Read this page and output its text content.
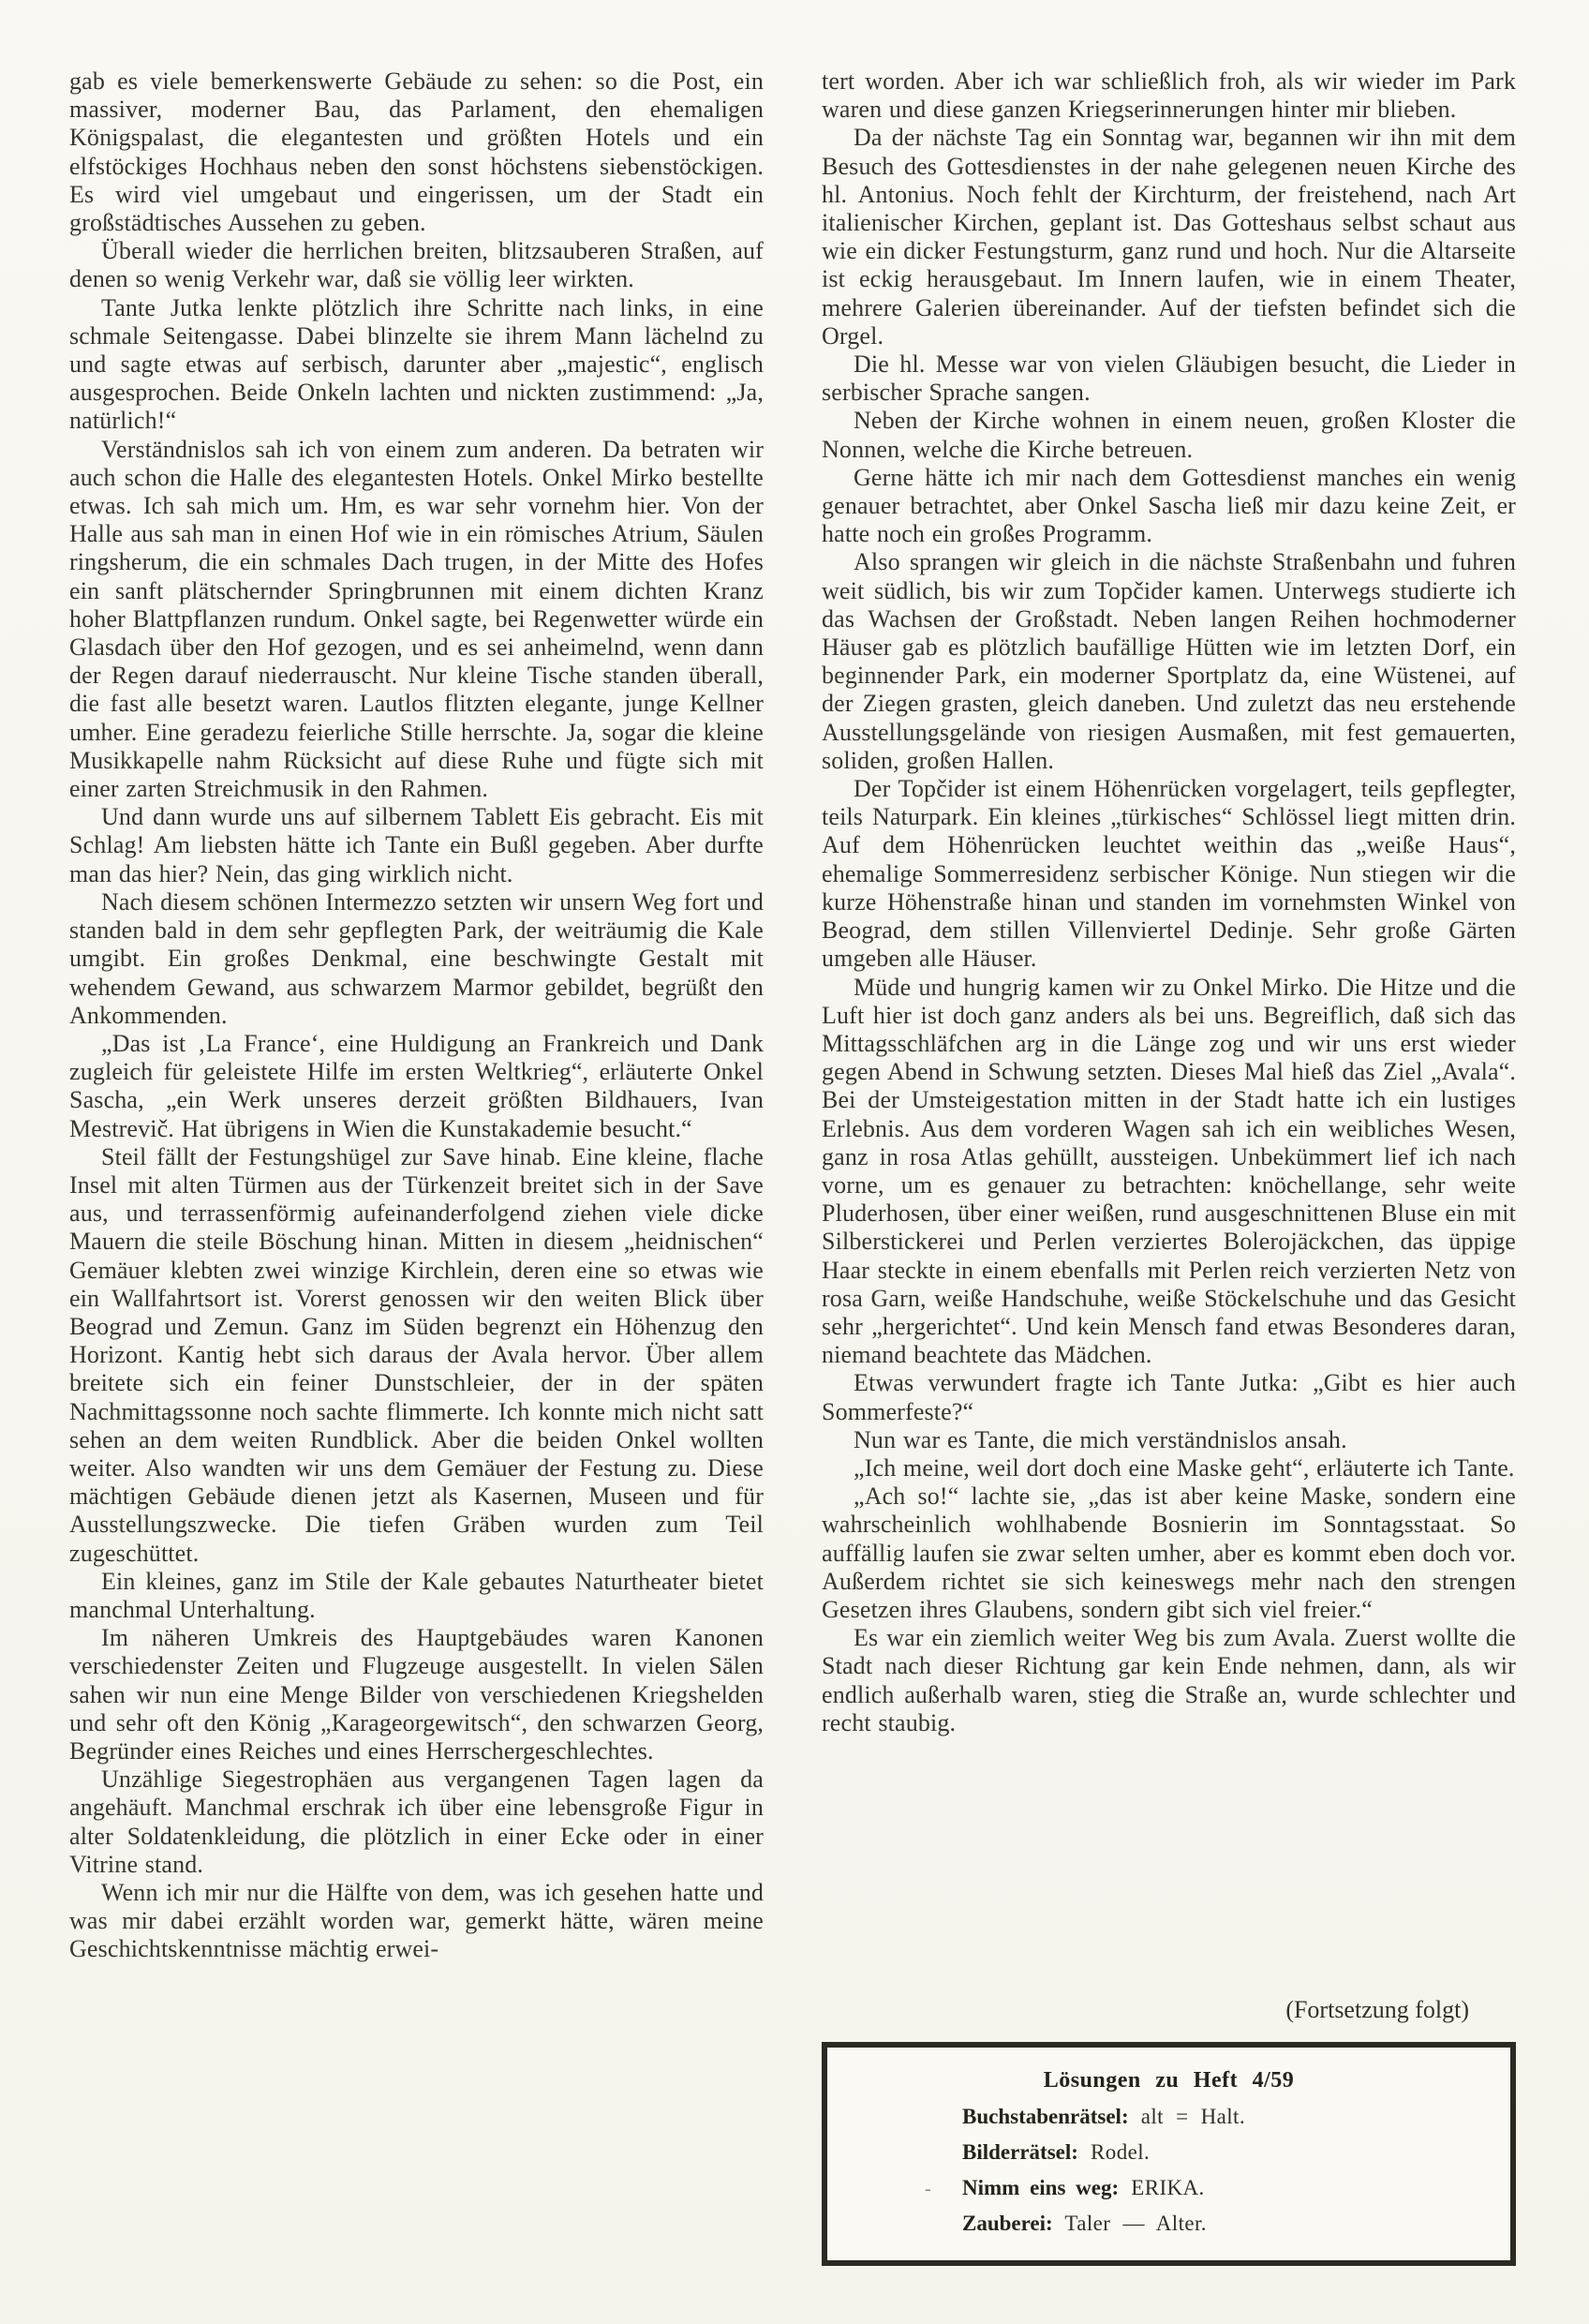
gab es viele bemerkenswerte Gebäude zu sehen: so die Post, ein massiver, moderner Bau, das Parlament, den ehemaligen Königspalast, die elegantesten und größten Hotels und ein elfstöckiges Hochhaus neben den sonst höchstens siebenstöckigen. Es wird viel umgebaut und eingerissen, um der Stadt ein großstädtisches Aussehen zu geben.

Überall wieder die herrlichen breiten, blitzsauberen Straßen, auf denen so wenig Verkehr war, daß sie völlig leer wirkten.

Tante Jutka lenkte plötzlich ihre Schritte nach links, in eine schmale Seitengasse. Dabei blinzelte sie ihrem Mann lächelnd zu und sagte etwas auf serbisch, darunter aber „majestic“, englisch ausgesprochen. Beide Onkeln lachten und nickten zustimmend: „Ja, natürlich!“

Verständnislos sah ich von einem zum anderen. Da betraten wir auch schon die Halle des elegantesten Hotels. Onkel Mirko bestellte etwas. Ich sah mich um. Hm, es war sehr vornehm hier. Von der Halle aus sah man in einen Hof wie in ein römisches Atrium, Säulen ringsherum, die ein schmales Dach trugen, in der Mitte des Hofes ein sanft plätschernder Springbrunnen mit einem dichten Kranz hoher Blattpflanzen rundum. Onkel sagte, bei Regenwetter würde ein Glasdach über den Hof gezogen, und es sei anheimelnd, wenn dann der Regen darauf niederrauscht. Nur kleine Tische standen überall, die fast alle besetzt waren. Lautlos flitzten elegante, junge Kellner umher. Eine geradezu feierliche Stille herrschte. Ja, sogar die kleine Musikkapelle nahm Rücksicht auf diese Ruhe und fügte sich mit einer zarten Streichmusik in den Rahmen.

Und dann wurde uns auf silbernem Tablett Eis gebracht. Eis mit Schlag! Am liebsten hätte ich Tante ein Bußl gegeben. Aber durfte man das hier? Nein, das ging wirklich nicht.

Nach diesem schönen Intermezzo setzten wir unsern Weg fort und standen bald in dem sehr gepflegten Park, der weiträumig die Kale umgibt. Ein großes Denkmal, eine beschwingte Gestalt mit wehendem Gewand, aus schwarzem Marmor gebildet, begrüßt den Ankommenden.

„Das ist ‚La France‘, eine Huldigung an Frankreich und Dank zugleich für geleistete Hilfe im ersten Weltkrieg“, erläuterte Onkel Sascha, „ein Werk unseres derzeit größten Bildhauers, Ivan Mestrevič. Hat übrigens in Wien die Kunstakademie besucht.“

Steil fällt der Festungshügel zur Save hinab. Eine kleine, flache Insel mit alten Türmen aus der Türkenzeit breitet sich in der Save aus, und terrassenförmig aufeinanderfolgend ziehen viele dicke Mauern die steile Böschung hinan. Mitten in diesem „heidnischen“ Gemäuer klebten zwei winzige Kirchlein, deren eine so etwas wie ein Wallfahrtsort ist. Vorerst genossen wir den weiten Blick über Beograd und Zemun. Ganz im Süden begrenzt ein Höhenzug den Horizont. Kantig hebt sich daraus der Avala hervor. Über allem breitete sich ein feiner Dunstschleier, der in der späten Nachmittagssonne noch sachte flimmerte. Ich konnte mich nicht satt sehen an dem weiten Rundblick. Aber die beiden Onkel wollten weiter. Also wandten wir uns dem Gemäuer der Festung zu. Diese mächtigen Gebäude dienen jetzt als Kasernen, Museen und für Ausstellungszwecke. Die tiefen Gräben wurden zum Teil zugeschüttet.

Ein kleines, ganz im Stile der Kale gebautes Naturtheater bietet manchmal Unterhaltung.

Im näheren Umkreis des Hauptgebäudes waren Kanonen verschiedenster Zeiten und Flugzeuge ausgestellt. In vielen Sälen sahen wir nun eine Menge Bilder von verschiedenen Kriegshelden und sehr oft den König „Karageorgewitsch“, den schwarzen Georg, Begründer eines Reiches und eines Herrschergeschlechtes.

Unzählige Siegestrophäen aus vergangenen Tagen lagen da angehäuft. Manchmal erschrak ich über eine lebensgroße Figur in alter Soldatenkleidung, die plötzlich in einer Ecke oder in einer Vitrine stand.

Wenn ich mir nur die Hälfte von dem, was ich gesehen hatte und was mir dabei erzählt worden war, gemerkt hätte, wären meine Geschichtskenntnisse mächtig erwei-

tert worden. Aber ich war schließlich froh, als wir wieder im Park waren und diese ganzen Kriegserinnerungen hinter mir blieben.

Da der nächste Tag ein Sonntag war, begannen wir ihn mit dem Besuch des Gottesdienstes in der nahe gelegenen neuen Kirche des hl. Antonius. Noch fehlt der Kirchturm, der freistehend, nach Art italienischer Kirchen, geplant ist. Das Gotteshaus selbst schaut aus wie ein dicker Festungsturm, ganz rund und hoch. Nur die Altarseite ist eckig herausgebaut. Im Innern laufen, wie in einem Theater, mehrere Galerien übereinander. Auf der tiefsten befindet sich die Orgel.

Die hl. Messe war von vielen Gläubigen besucht, die Lieder in serbischer Sprache sangen.

Neben der Kirche wohnen in einem neuen, großen Kloster die Nonnen, welche die Kirche betreuen.

Gerne hätte ich mir nach dem Gottesdienst manches ein wenig genauer betrachtet, aber Onkel Sascha ließ mir dazu keine Zeit, er hatte noch ein großes Programm.

Also sprangen wir gleich in die nächste Straßenbahn und fuhren weit südlich, bis wir zum Topčider kamen. Unterwegs studierte ich das Wachsen der Großstadt. Neben langen Reihen hochmoderner Häuser gab es plötzlich baufällige Hütten wie im letzten Dorf, ein beginnender Park, ein moderner Sportplatz da, eine Wüstenei, auf der Ziegen grasten, gleich daneben. Und zuletzt das neu erstehende Ausstellungsgelände von riesigen Ausmaßen, mit fest gemauerten, soliden, großen Hallen.

Der Topčider ist einem Höhenrücken vorgelagert, teils gepflegter, teils Naturpark. Ein kleines „türkisches“ Schlössel liegt mitten drin. Auf dem Höhenrücken leuchtet weithin das „weiße Haus“, ehemalige Sommerresidenz serbischer Könige. Nun stiegen wir die kurze Höhenstraße hinan und standen im vornehmsten Winkel von Beograd, dem stillen Villenviertel Dedinje. Sehr große Gärten umgeben alle Häuser.

Müde und hungrig kamen wir zu Onkel Mirko. Die Hitze und die Luft hier ist doch ganz anders als bei uns. Begreiflich, daß sich das Mittagsschläfchen arg in die Länge zog und wir uns erst wieder gegen Abend in Schwung setzten. Dieses Mal hieß das Ziel „Avala“. Bei der Umsteigestation mitten in der Stadt hatte ich ein lustiges Erlebnis. Aus dem vorderen Wagen sah ich ein weibliches Wesen, ganz in rosa Atlas gehüllt, aussteigen. Unbekümmert lief ich nach vorne, um es genauer zu betrachten: knöchellange, sehr weite Pluderhosen, über einer weißen, rund ausgeschnittenen Bluse ein mit Silberstickerei und Perlen verziertes Bolerojäckchen, das üppige Haar steckte in einem ebenfalls mit Perlen reich verzierten Netz von rosa Garn, weiße Handschuhe, weiße Stöckelschuhe und das Gesicht sehr „hergerichtet“. Und kein Mensch fand etwas Besonderes daran, niemand beachtete das Mädchen.

Etwas verwundert fragte ich Tante Jutka: „Gibt es hier auch Sommerfeste?“

Nun war es Tante, die mich verständnislos ansah.

„Ich meine, weil dort doch eine Maske geht“, erläuterte ich Tante.

„Ach so!“ lachte sie, „das ist aber keine Maske, sondern eine wahrscheinlich wohlhabende Bosnierin im Sonntagsstaat. So auffällig laufen sie zwar selten umher, aber es kommt eben doch vor. Außerdem richtet sie sich keineswegs mehr nach den strengen Gesetzen ihres Glaubens, sondern gibt sich viel freier.“

Es war ein ziemlich weiter Weg bis zum Avala. Zuerst wollte die Stadt nach dieser Richtung gar kein Ende nehmen, dann, als wir endlich außerhalb waren, stieg die Straße an, wurde schlechter und recht staubig.

(Fortsetzung folgt)
Lösungen zu Heft 4/59
Buchstabenrätsel: alt = Halt.
Bilderrätsel: Rodel.
- Nimm eins weg: ERIKA.
Zauberei: Taler — Alter.
